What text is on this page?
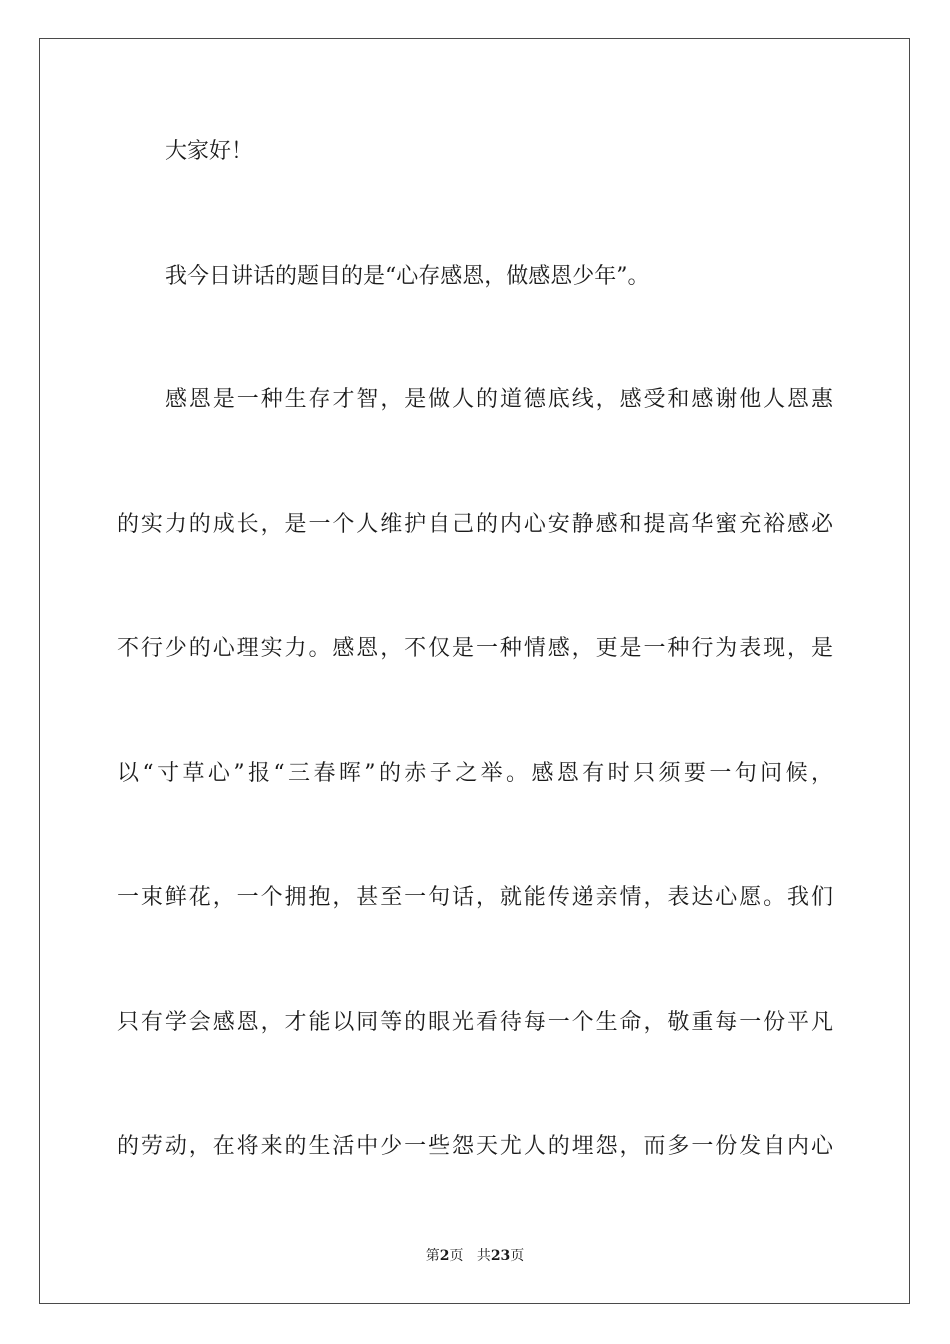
大家好！
我今日讲话的题目的是“心存感恩，做感恩少年”。
感恩是一种生存才智，是做人的道德底线，感受和感谢他人恩惠
的实力的成长，是一个人维护自己的内心安静感和提高华蜜充裕感必
不行少的心理实力。感恩，不仅是一种情感，更是一种行为表现，是
以“寸草心”报“三春晖”的赤子之举。感恩有时只须要一句问候，
一束鲜花，一个拥抱，甚至一句话，就能传递亲情，表达心愿。我们
只有学会感恩，才能以同等的眼光看待每一个生命，敬重每一份平凡
的劳动，在将来的生活中少一些怨天尤人的埋怨，而多一份发自内心
第2页 共23页
